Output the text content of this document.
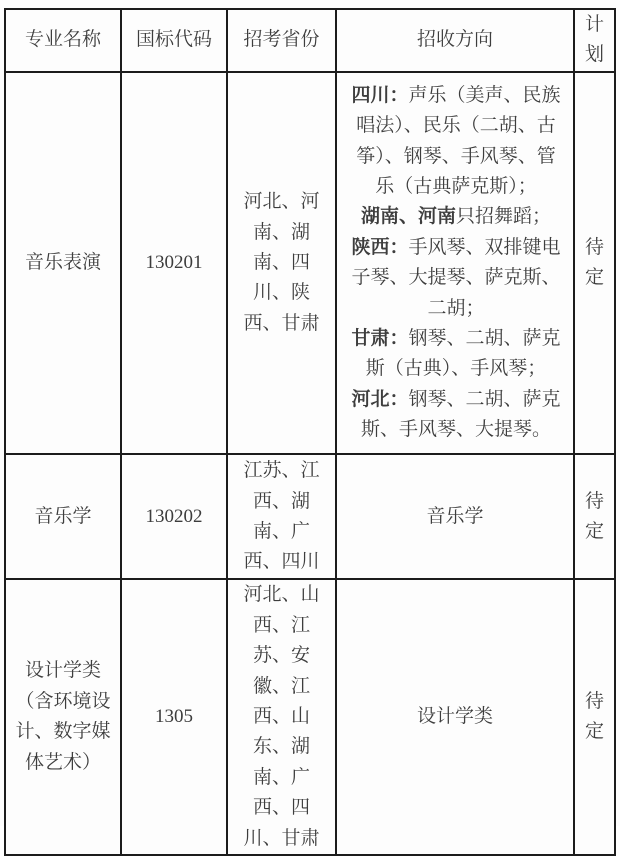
专业名称	国标代码	招考省份	招收方向	计划
音乐表演	130201	河北、河南、湖南、四川、陕西、甘肃	四川：声乐（美声、民族唱法）、民乐（二胡、古筝）、钢琴、手风琴、管乐（古典萨克斯）；

湖南、河南只招舞蹈；

陕西：手风琴、双排键电子琴、大提琴、萨克斯、二胡；

甘肃：钢琴、二胡、萨克斯（古典）、手风琴；

河北：钢琴、二胡、萨克斯、手风琴、大提琴。	待定
音乐学	130202	江苏、江西、湖南、广西、四川	音乐学	待定
设计学类（含环境设计、数字媒体艺术）	1305	河北、山西、江苏、安徽、江西、山东、湖南、广西、四川、甘肃	设计学类	待定
